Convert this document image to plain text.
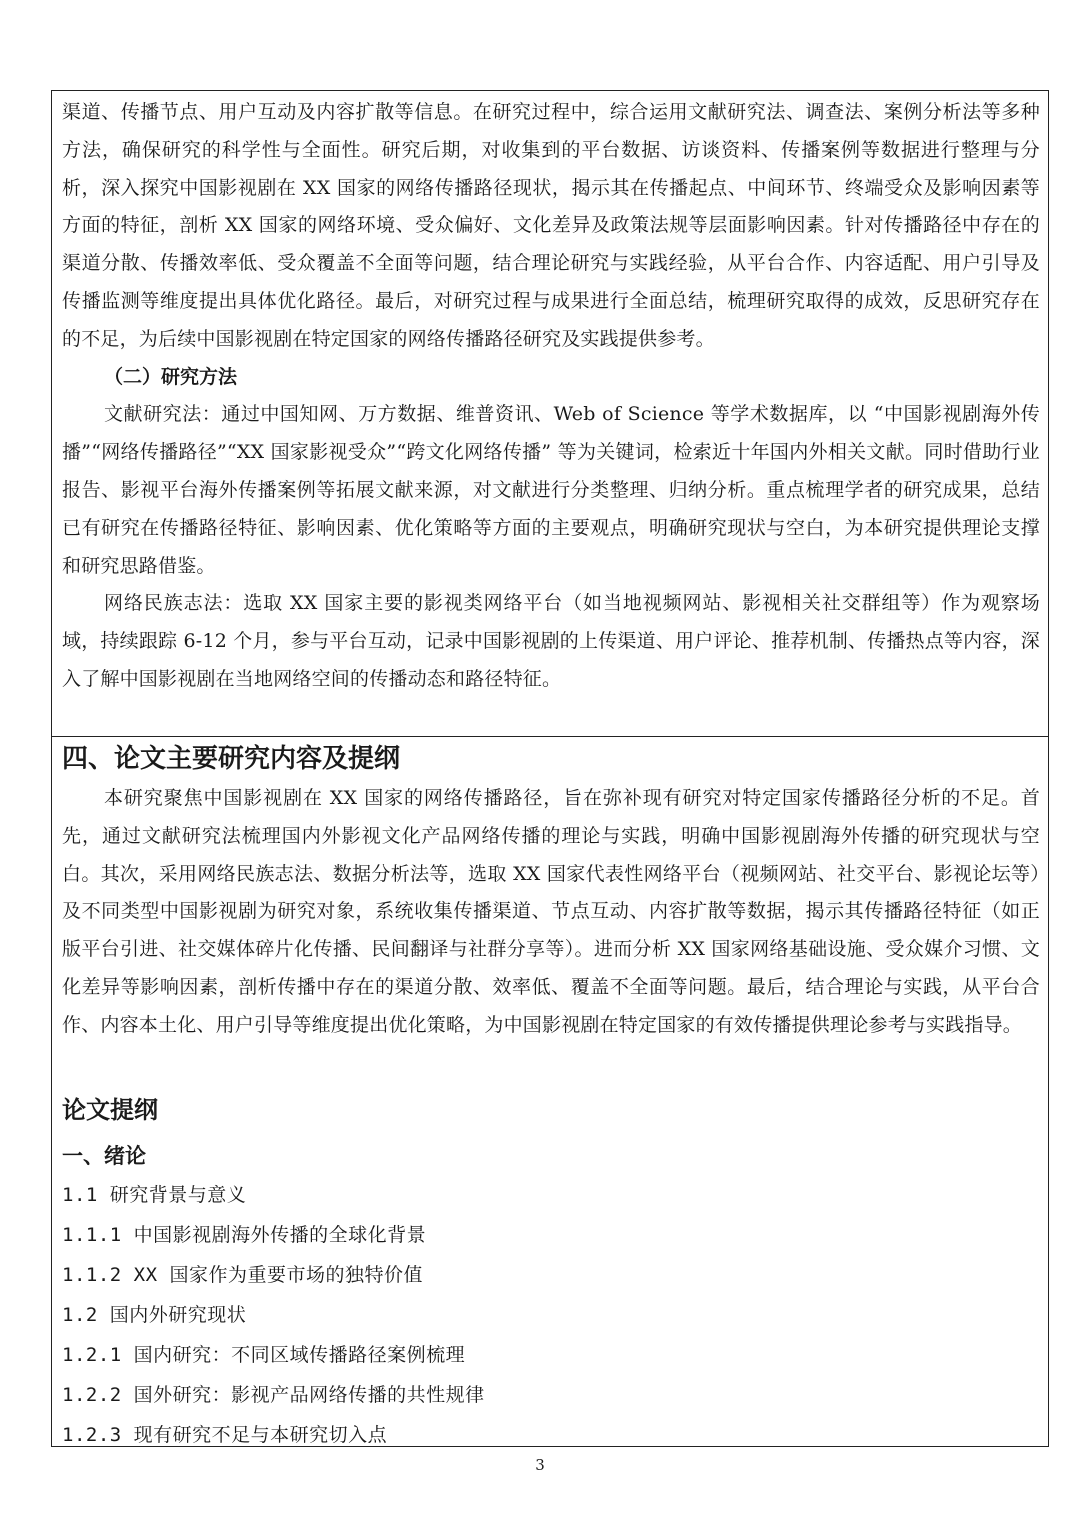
渠道、传播节点、用户互动及内容扩散等信息。在研究过程中，综合运用文献研究法、调查法、案例分析法等多种方法，确保研究的科学性与全面性。研究后期，对收集到的平台数据、访谈资料、传播案例等数据进行整理与分析，深入探究中国影视剧在 XX 国家的网络传播路径现状，揭示其在传播起点、中间环节、终端受众及影响因素等方面的特征，剖析 XX 国家的网络环境、受众偏好、文化差异及政策法规等层面影响因素。针对传播路径中存在的渠道分散、传播效率低、受众覆盖不全面等问题，结合理论研究与实践经验，从平台合作、内容适配、用户引导及传播监测等维度提出具体优化路径。最后，对研究过程与成果进行全面总结，梳理研究取得的成效，反思研究存在的不足，为后续中国影视剧在特定国家的网络传播路径研究及实践提供参考。

（二）研究方法

文献研究法：通过中国知网、万方数据、维普资讯、Web of Science 等学术数据库，以 “中国影视剧海外传播”“网络传播路径”“XX 国家影视受众”“跨文化网络传播” 等为关键词，检索近十年国内外相关文献。同时借助行业报告、影视平台海外传播案例等拓展文献来源，对文献进行分类整理、归纳分析。重点梳理学者的研究成果，总结已有研究在传播路径特征、影响因素、优化策略等方面的主要观点，明确研究现状与空白，为本研究提供理论支撑和研究思路借鉴。

网络民族志法：选取 XX 国家主要的影视类网络平台（如当地视频网站、影视相关社交群组等）作为观察场域，持续跟踪 6-12 个月，参与平台互动，记录中国影视剧的上传渠道、用户评论、推荐机制、传播热点等内容，深入了解中国影视剧在当地网络空间的传播动态和路径特征。

四、论文主要研究内容及提纲

本研究聚焦中国影视剧在 XX 国家的网络传播路径，旨在弥补现有研究对特定国家传播路径分析的不足。首先，通过文献研究法梳理国内外影视文化产品网络传播的理论与实践，明确中国影视剧海外传播的研究现状与空白。其次，采用网络民族志法、数据分析法等，选取 XX 国家代表性网络平台（视频网站、社交平台、影视论坛等）及不同类型中国影视剧为研究对象，系统收集传播渠道、节点互动、内容扩散等数据，揭示其传播路径特征（如正版平台引进、社交媒体碎片化传播、民间翻译与社群分享等）。进而分析 XX 国家网络基础设施、受众媒介习惯、文化差异等影响因素，剖析传播中存在的渠道分散、效率低、覆盖不全面等问题。最后，结合理论与实践，从平台合作、内容本土化、用户引导等维度提出优化策略，为中国影视剧在特定国家的有效传播提供理论参考与实践指导。

论文提纲
一、绪论
1.1 研究背景与意义
1.1.1 中国影视剧海外传播的全球化背景
1.1.2 XX 国家作为重要市场的独特价值
1.2 国内外研究现状
1.2.1 国内研究：不同区域传播路径案例梳理
1.2.2 国外研究：影视产品网络传播的共性规律
1.2.3 现有研究不足与本研究切入点
3
